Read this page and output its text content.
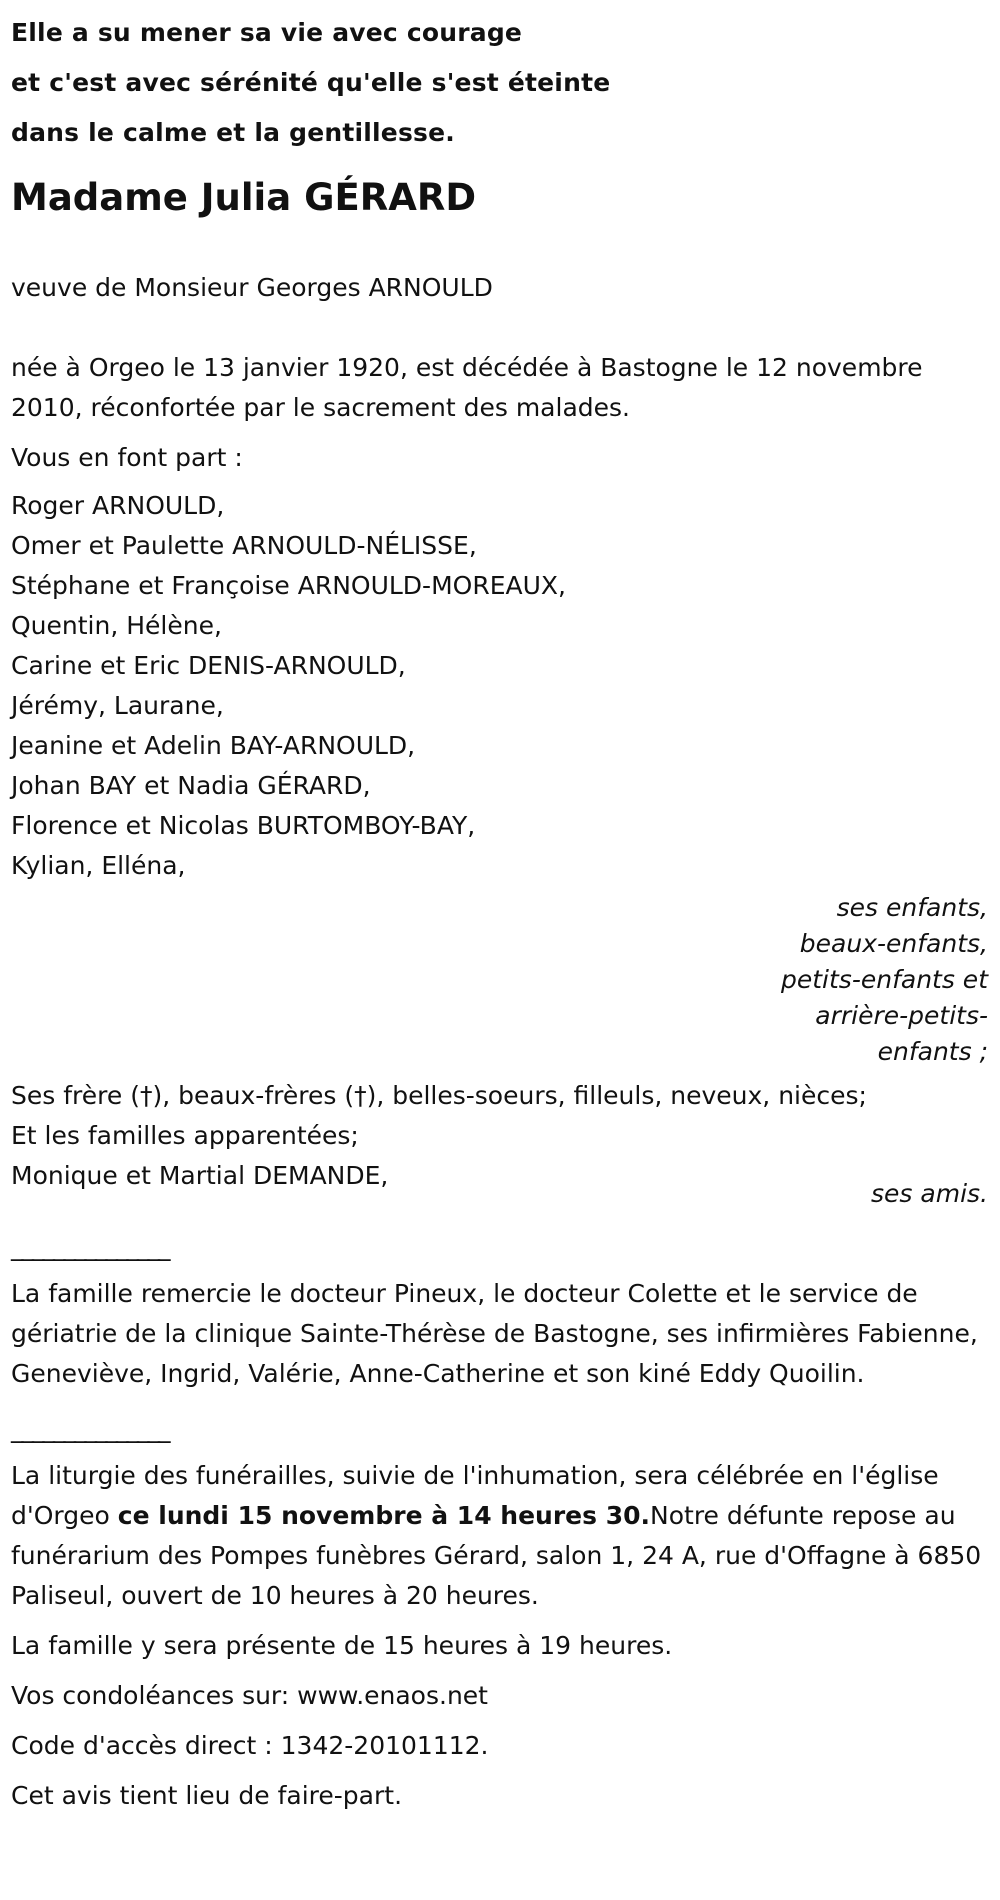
Elle a su mener sa vie avec courage
et c'est avec sérénité qu'elle s'est éteinte
dans le calme et la gentillesse.
Madame Julia GÉRARD

veuve de Monsieur Georges ARNOULD

née à Orgeo le 13 janvier 1920, est décédée à Bastogne le 12 novembre 2010, réconfortée par le sacrement des malades.

Vous en font part :

Roger ARNOULD,
Omer et Paulette ARNOULD-NÉLISSE,
Stéphane et Françoise ARNOULD-MOREAUX,
Quentin, Hélène,
Carine et Eric DENIS-ARNOULD,
Jérémy, Laurane,
Jeanine et Adelin BAY-ARNOULD,
Johan BAY et Nadia GÉRARD,
Florence et Nicolas BURTOMBOY-BAY,
Kylian, Elléna,
ses enfants, beaux-enfants, petits-enfants et arrière-petits-enfants ;
Ses frère (†), beaux-frères (†), belles-soeurs, filleuls, neveux, nièces;
Et les familles apparentées;
Monique et Martial DEMANDE,
ses amis.
_______________

La famille remercie le docteur Pineux, le docteur Colette et le service de gériatrie de la clinique Sainte-Thérèse de Bastogne, ses infirmières Fabienne, Geneviève, Ingrid, Valérie, Anne-Catherine et son kiné Eddy Quoilin.

_______________

La liturgie des funérailles, suivie de l'inhumation, sera célébrée en l'église d'Orgeo ce lundi 15 novembre à 14 heures 30.Notre défunte repose au funérarium des Pompes funèbres Gérard, salon 1, 24 A, rue d'Offagne à 6850 Paliseul, ouvert de 10 heures à 20 heures.

La famille y sera présente de 15 heures à 19 heures.

Vos condoléances sur: www.enaos.net

Code d'accès direct : 1342-20101112.

Cet avis tient lieu de faire-part.
